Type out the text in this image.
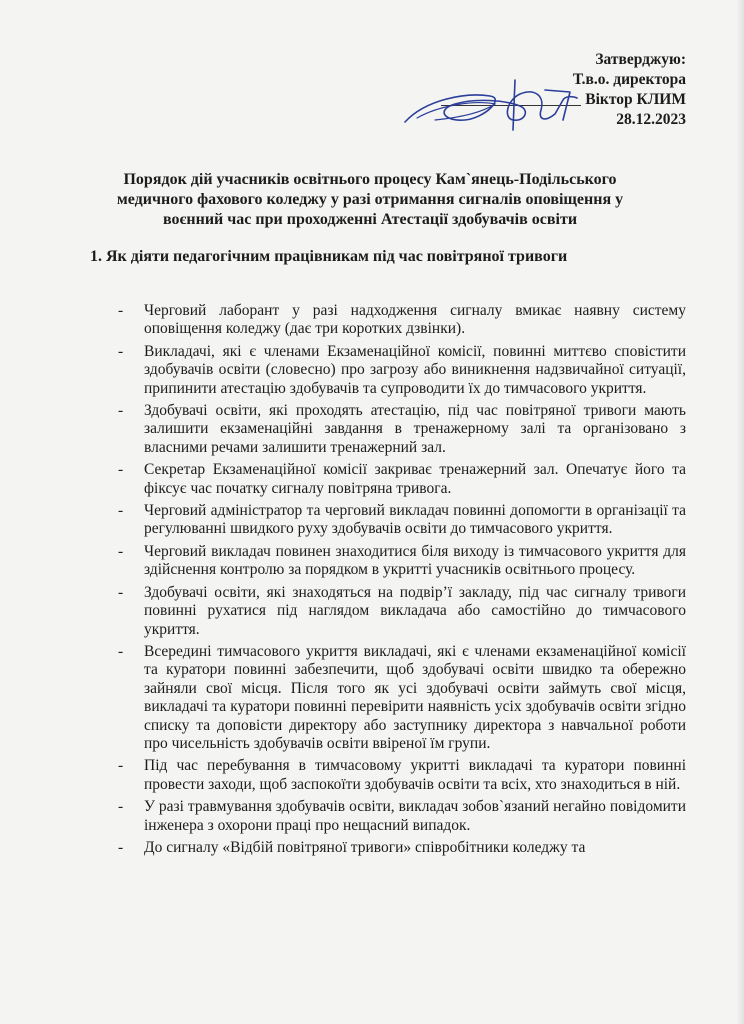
Затверджую:
Т.в.о. директора
Віктор КЛИМ
28.12.2023
Порядок дій учасників освітнього процесу Кам`янець-Подільського
медичного фахового коледжу у разі отримання сигналів оповіщення у
воєнний час при проходженні Атестації здобувачів освіти
1. Як діяти педагогічним працівникам під час повітряної тривоги
- Черговий лаборант у разі надходження сигналу вмикає наявну систему оповіщення коледжу (дає три коротких дзвінки).
- Викладачі, які є членами Екзаменаційної комісії, повинні миттєво сповістити здобувачів освіти (словесно) про загрозу або виникнення надзвичайної ситуації, припинити атестацію здобувачів та супроводити їх до тимчасового укриття.
- Здобувачі освіти, які проходять атестацію, під час повітряної тривоги мають залишити екзаменаційні завдання в тренажерному залі та організовано з власними речами залишити тренажерний зал.
- Секретар Екзаменаційної комісії закриває тренажерний зал. Опечатує його та фіксує час початку сигналу повітряна тривога.
- Черговий адміністратор та черговий викладач повинні допомогти в організації та регулюванні швидкого руху здобувачів освіти до тимчасового укриття.
- Черговий викладач повинен знаходитися біля виходу із тимчасового укриття для здійснення контролю за порядком в укритті учасників освітнього процесу.
- Здобувачі освіти, які знаходяться на подвір’ї закладу, під час сигналу тривоги повинні рухатися під наглядом викладача або самостійно до тимчасового укриття.
- Всередині тимчасового укриття викладачі, які є членами екзаменаційної комісії та куратори повинні забезпечити, щоб здобувачі освіти швидко та обережно зайняли свої місця. Після того як усі здобувачі освіти займуть свої місця, викладачі та куратори повинні перевірити наявність усіх здобувачів освіти згідно списку та доповісти директору або заступнику директора з навчальної роботи про чисельність здобувачів освіти ввіреної їм групи.
- Під час перебування в тимчасовому укритті викладачі та куратори повинні провести заходи, щоб заспокоїти здобувачів освіти та всіх, хто знаходиться в ній.
- У разі травмування здобувачів освіти, викладач зобов`язаний негайно повідомити інженера з охорони праці про нещасний випадок.
- До сигналу «Відбій повітряної тривоги» співробітники коледжу та
